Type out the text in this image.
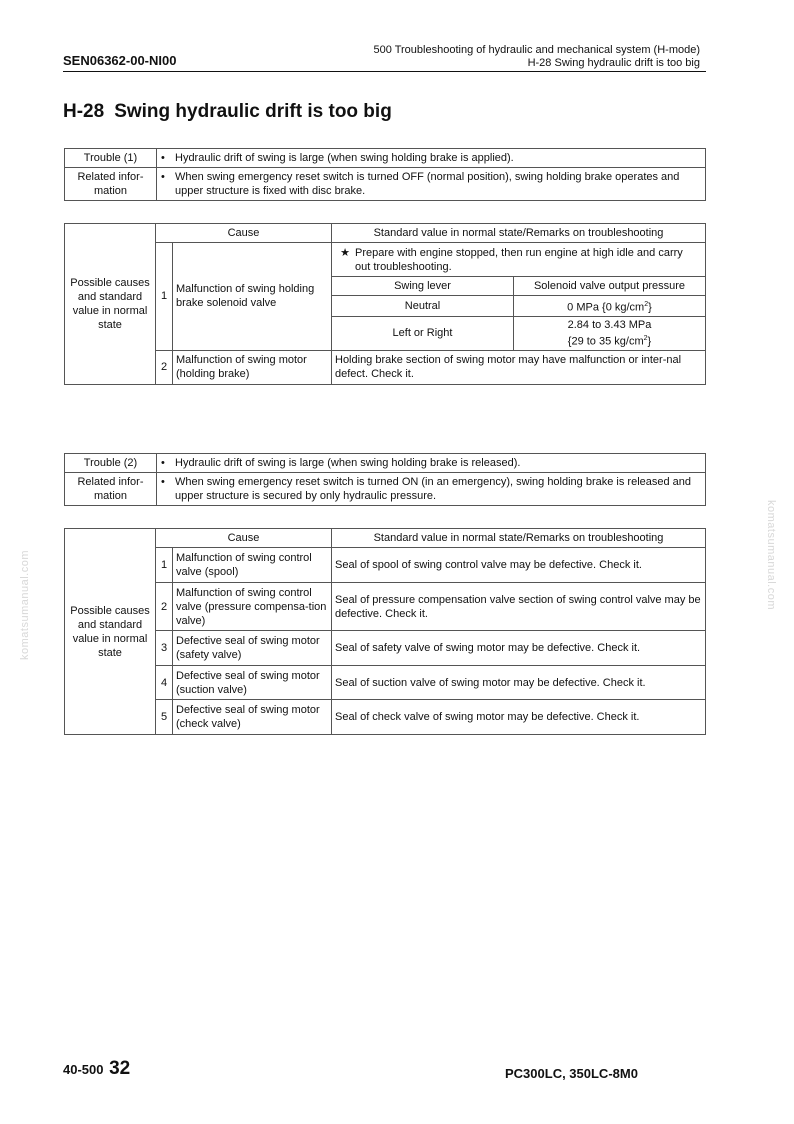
SEN06362-00-NI00
500 Troubleshooting of hydraulic and mechanical system (H-mode)
H-28 Swing hydraulic drift is too big
H-28 Swing hydraulic drift is too big
Trouble (1)	• Hydraulic drift of swing is large (when swing holding brake is applied).
Related infor-mation	• When swing emergency reset switch is turned OFF (normal position), swing holding brake operates and upper structure is fixed with disc brake.
Possible causes and standard value in normal state	Cause		Standard value in normal state/Remarks on troubleshooting	
	1	Malfunction of swing holding brake solenoid valve	★ Prepare with engine stopped, then run engine at high idle and carry out troubleshooting.	
			Swing lever	Solenoid valve output pressure
			Neutral	0 MPa {0 $kg/cm^2$}
			Left or Right	2.84 to 3.43 MPa
{29 to 35 $kg/cm^2$}

	2	Malfunction of swing motor (holding brake)	Holding brake section of swing motor may have malfunction or inter-nal defect. Check it.	
Trouble (2)	• Hydraulic drift of swing is large (when swing holding brake is released).
Related infor-mation	• When swing emergency reset switch is turned ON (in an emergency), swing holding brake is released and upper structure is secured by only hydraulic pressure.
Possible causes and standard value in normal state	Cause		Standard value in normal state/Remarks on troubleshooting
	1	Malfunction of swing control valve (spool)	Seal of spool of swing control valve may be defective. Check it.
	2	Malfunction of swing control valve (pressure compensa-tion valve)	Seal of pressure compensation valve section of swing control valve may be defective. Check it.
	3	Defective seal of swing motor (safety valve)	Seal of safety valve of swing motor may be defective. Check it.
	4	Defective seal of swing motor (suction valve)	Seal of suction valve of swing motor may be defective. Check it.
	5	Defective seal of swing motor (check valve)	Seal of check valve of swing motor may be defective. Check it.
komatsumanual.com	komatsumanual.com
40-500 32	PC300LC, 350LC-8M0
